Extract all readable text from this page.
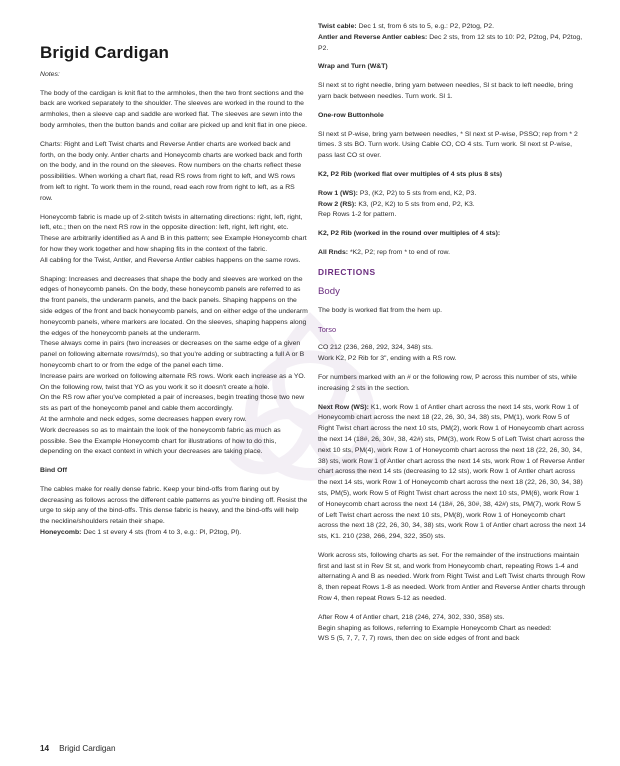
Brigid Cardigan

Notes:

The body of the cardigan is knit flat to the armholes, then the two front sections and the back are worked separately to the shoulder. The sleeves are worked in the round to the armholes, then a sleeve cap and saddle are worked flat. The sleeves are sewn into the body armholes, then the button bands and collar are picked up and knit flat in one piece.

Charts: Right and Left Twist charts and Reverse Antler charts are worked back and forth, on the body only. Antler charts and Honeycomb charts are worked back and forth on the body, and in the round on the sleeves. Row numbers on the charts reflect these possibilities. When working a chart flat, read RS rows from right to left, and WS rows from left to right. To work them in the round, read each row from right to left, as a RS row.

Honeycomb fabric is made up of 2-stitch twists in alternating directions: right, left, right, left, etc.; then on the next RS row in the opposite direction: left, right, left right, etc. These are arbitrarily identified as A and B in this pattern; see Example Honeycomb chart for how they work together and how shaping fits in the context of the fabric.

All cabling for the Twist, Antler, and Reverse Antler cables happens on the same rows.

Shaping: Increases and decreases that shape the body and sleeves are worked on the edges of honeycomb panels. On the body, these honeycomb panels are referred to as the front panels, the underarm panels, and the back panels. Shaping happens on the side edges of the front and back honeycomb panels, and on either edge of the underarm honeycomb panels, where markers are located. On the sleeves, shaping happens along the edges of the honeycomb panels at the underarm.

These always come in pairs (two increases or decreases on the same edge of a given panel on following alternate rows/rnds), so that you're adding or subtracting a full A or B honeycomb chart to or from the edge of the panel each time.

Increase pairs are worked on following alternate RS rows. Work each increase as a YO. On the following row, twist that YO as you work it so it doesn't create a hole.

On the RS row after you've completed a pair of increases, begin treating those two new sts as part of the honeycomb panel and cable them accordingly.

At the armhole and neck edges, some decreases happen every row.

Work decreases so as to maintain the look of the honeycomb fabric as much as possible. See the Example Honeycomb chart for illustrations of how to do this, depending on the exact context in which your decreases are taking place.

Bind Off

The cables make for really dense fabric. Keep your bind-offs from flaring out by decreasing as follows across the different cable patterns as you're binding off. Resist the urge to skip any of the bind-offs. This dense fabric is heavy, and the bind-offs will help the neckline/shoulders retain their shape.

Honeycomb: Dec 1 st every 4 sts (from 4 to 3, e.g.: Pl, P2tog, Pl).

Twist cable: Dec 1 st, from 6 sts to 5, e.g.: P2, P2tog, P2.

Antler and Reverse Antler cables: Dec 2 sts, from 12 sts to 10: P2, P2tog, P4, P2tog, P2.

Wrap and Turn (W&T)

Sl next st to right needle, bring yarn between needles, Sl st back to left needle, bring yarn back between needles. Turn work. Sl 1.

One-row Buttonhole

Sl next st P-wise, bring yarn between needles, * Sl next st P-wise, PSSO; rep from * 2 times. 3 sts BO. Turn work. Using Cable CO, CO 4 sts. Turn work. Sl next st P-wise, pass last CO st over.

K2, P2 Rib (worked flat over multiples of 4 sts plus 8 sts)

Row 1 (WS): P3, (K2, P2) to 5 sts from end, K2, P3.

Row 2 (RS): K3, (P2, K2) to 5 sts from end, P2, K3.

Rep Rows 1-2 for pattern.

K2, P2 Rib (worked in the round over multiples of 4 sts):

All Rnds: *K2, P2; rep from * to end of row.

DIRECTIONS

Body

The body is worked flat from the hem up.

Torso

CO 212 (236, 268, 292, 324, 348) sts.

Work K2, P2 Rib for 3", ending with a RS row.

For numbers marked with an # or the following row, P across this number of sts, while increasing 2 sts in the section.

Next Row (WS): K1, work Row 1 of Antler chart across the next 14 sts, work Row 1 of Honeycomb chart across the next 18 (22, 26, 30, 34, 38) sts, PM(1), work Row 5 of Right Twist chart across the next 10 sts, PM(2), work Row 1 of Honeycomb chart across the next 14 (18#, 26, 30#, 38, 42#) sts, PM(3), work Row 5 of Left Twist chart across the next 10 sts, PM(4), work Row 1 of Honeycomb chart across the next 18 (22, 26, 30, 34, 38) sts, work Row 1 of Antler chart across the next 14 sts, work Row 1 of Reverse Antler chart across the next 14 sts (decreasing to 12 sts), work Row 1 of Antler chart across the next 14 sts, work Row 1 of Honeycomb chart across the next 18 (22, 26, 30, 34, 38) sts, PM(5), work Row 5 of Right Twist chart across the next 10 sts, PM(6), work Row 1 of Honeycomb chart across the next 14 (18#, 26, 30#, 38, 42#) sts, PM(7), work Row 5 of Left Twist chart across the next 10 sts, PM(8), work Row 1 of Honeycomb chart across the next 18 (22, 26, 30, 34, 38) sts, work Row 1 of Antler chart across the next 14 sts, K1. 210 (238, 266, 294, 322, 350) sts.

Work across sts, following charts as set. For the remainder of the instructions maintain first and last st in Rev St st, and work from Honeycomb chart, repeating Rows 1-4 and alternating A and B as needed. Work from Right Twist and Left Twist charts through Row 8, then repeat Rows 1-8 as needed. Work from Antler and Reverse Antler charts through Row 4, then repeat Rows 5-12 as needed.

After Row 4 of Antler chart, 218 (246, 274, 302, 330, 358) sts.

Begin shaping as follows, referring to Example Honeycomb Chart as needed:

WS 5 (5, 7, 7, 7, 7) rows, then dec on side edges of front and back

14 Brigid Cardigan
